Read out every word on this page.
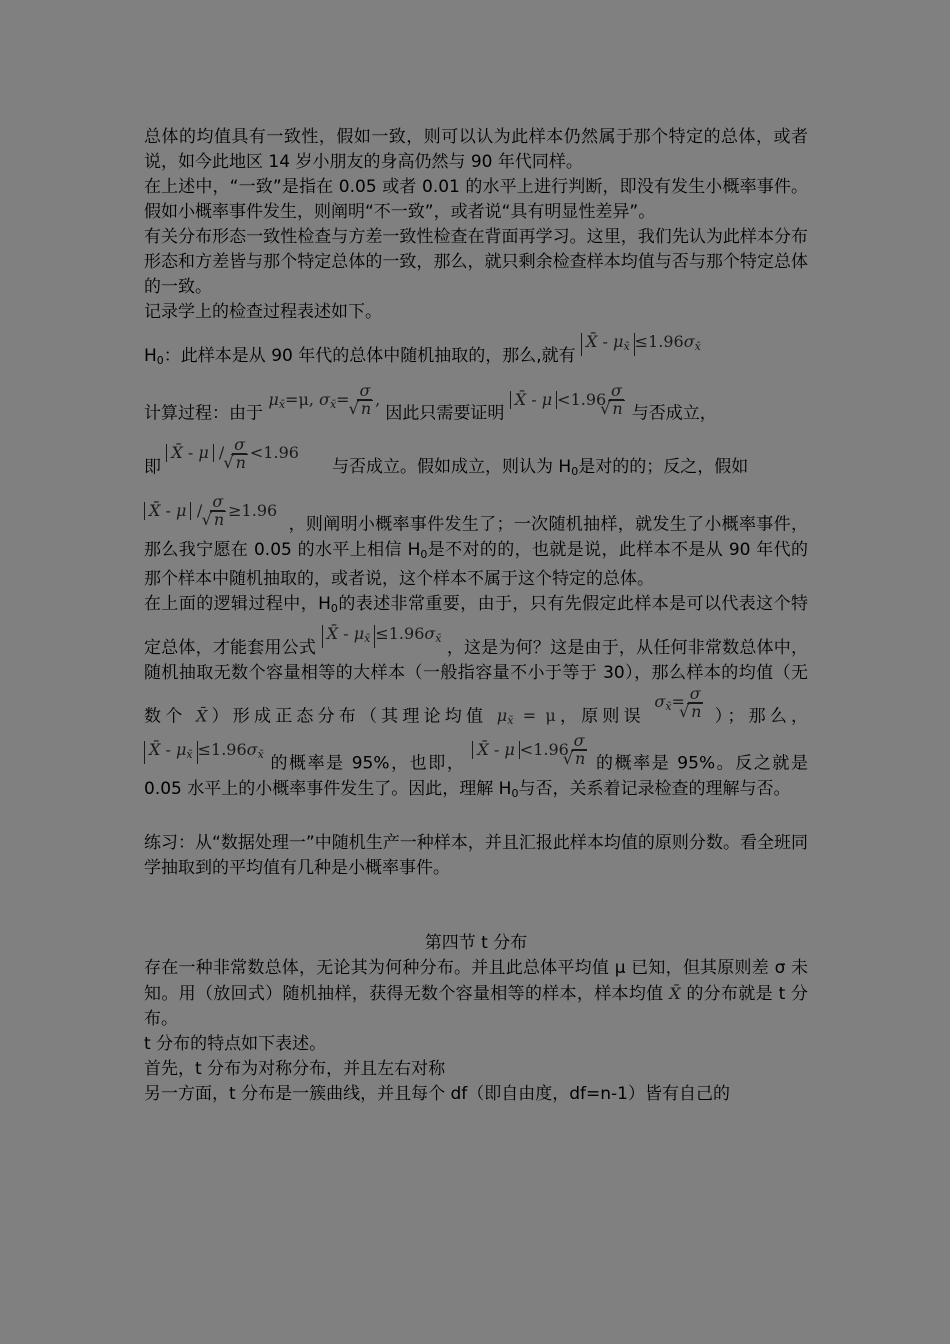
总体的均值具有一致性，假如一致，则可以认为此样本仍然属于那个特定的总体，或者说，如今此地区 14 岁小朋友的身高仍然与 90 年代同样。

在上述中，“一致”是指在 0.05 或者 0.01 的水平上进行判断，即没有发生小概率事件。假如小概率事件发生，则阐明“不一致”，或者说“具有明显性差异”。

有关分布形态一致性检查与方差一致性检查在背面再学习。这里，我们先认为此样本分布形态和方差皆与那个特定总体的一致，那么，就只剩余检查样本均值与否与那个特定总体的一致。

记录学上的检查过程表述如下。

H0：此样本是从 90 年代的总体中随机抽取的，那么,就有 X̄ - $\mu_{x̄} \le 1.96\sigma_{x̄}$

计算过程：由于 $\mu_{x̄}=\mu$, $\sigma_{x̄}= \sigma$
√ n , 因此只需要证明 X̄ - μ <1.96 σ
√ n 与否成立，

即 X̄ - μ / σ
√ n <1.96 与否成立。假如成立，则认为 H0是对的的；反之，假如

X̄ - μ / σ
√ n ≥1.96 ，则阐明小概率事件发生了；一次随机抽样，就发生了小概率事件，那么我宁愿在 0.05 的水平上相信 H0是不对的的，也就是说，此样本不是从 90 年代的那个样本中随机抽取的，或者说，这个样本不属于这个特定的总体。

在上面的逻辑过程中，H0的表述非常重要，由于，只有先假定此样本是可以代表这个特定总体，才能套用公式 X̄ - $\mu_{x̄} \le 1.96\sigma_{x̄}$ ，这是为何？这是由于，从任何非常数总体中，随机抽取无数个容量相等的大样本（一般指容量不小于等于 30），那么样本的均值（无数个 X̄）形成正态分布（其理论均值 $\mu_{x̄} = \mu$，原则误 $\sigma_{x̄}= \sigma$
√ n ）；那么， X̄ - $\mu_{x̄} \le 1.96\sigma_{x̄}$ 的概率是 95%，也即， X̄ - μ <1.96 σ
√ n 的概率是 95%。反之就是 0.05 水平上的小概率事件发生了。因此，理解 H0与否，关系着记录检查的理解与否。

练习：从“数据处理一”中随机生产一种样本，并且汇报此样本均值的原则分数。看全班同学抽取到的平均值有几种是小概率事件。

第四节 t 分布

存在一种非常数总体，无论其为何种分布。并且此总体平均值 μ 已知，但其原则差 σ 未知。用（放回式）随机抽样，获得无数个容量相等的样本，样本均值 X̄ 的分布就是 t 分布。

t 分布的特点如下表述。

首先，t 分布为对称分布，并且左右对称

另一方面，t 分布是一簇曲线，并且每个 df（即自由度，df=n-1）皆有自己的
